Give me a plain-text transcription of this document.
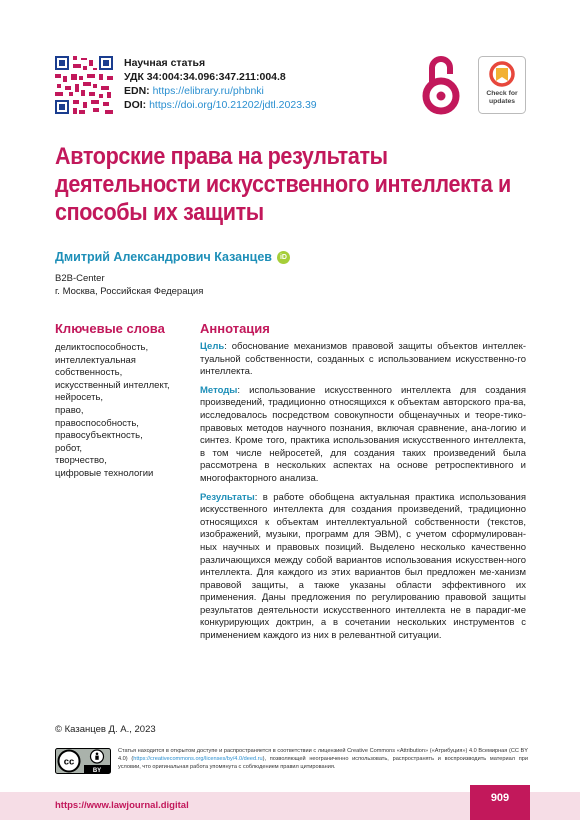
Научная статья
УДК 34:004:34.096:347.211:004.8
EDN: https://elibrary.ru/phbnki
DOI: https://doi.org/10.21202/jdtl.2023.39
Check for
updates
Авторские права на результаты деятельности искусственного интеллекта и способы их защиты
Дмитрий Александрович Казанцев	iD
B2B-Center
г. Москва, Российская Федерация
Ключевые слова
деликтоспособность,
интеллектуальная
собственность,
искусственный интеллект,
нейросеть,
право,
правоспособность,
правосубъектность,
робот,
творчество,
цифровые технологии
Аннотация

Цель: обоснование механизмов правовой защиты объектов интеллек-туальной собственности, созданных с использованием искусственно-го интеллекта.

Методы: использование искусственного интеллекта для создания произведений, традиционно относящихся к объектам авторского пра-ва, исследовалось посредством совокупности общенаучных и теоре-тико-правовых методов научного познания, включая сравнение, ана-логию и синтез. Кроме того, практика использования искусственного интеллекта, в том числе нейросетей, для создания таких произведений была рассмотрена в нескольких аспектах на основе ретроспективного и многофакторного анализа.

Результаты: в работе обобщена актуальная практика использования искусственного интеллекта для создания произведений, традиционно относящихся к объектам интеллектуальной собственности (текстов, изображений, музыки, программ для ЭВМ), с учетом сформулирован-ных научных и правовых позиций. Выделено несколько качественно различающихся между собой вариантов использования искусствен-ного интеллекта. Для каждого из этих вариантов был предложен ме-ханизм правовой защиты, а также указаны области эффективного их применения. Даны предложения по регулированию правовой защиты результатов деятельности искусственного интеллекта не в парадиг-ме конкурирующих доктрин, а в сочетании нескольких инструментов с применением каждого из них в релевантной ситуации.

© Казанцев Д. А., 2023
cc
BY
Статья находится в открытом доступе и распространяется в соответствии с лицензией Creative Commons «Attribution» («Атрибуция») 4.0 Всемирная (CC BY 4.0) (https://creativecommons.org/licenses/by/4.0/deed.ru), позволяющей неограниченно использовать, распространять и воспроизводить материал при условии, что оригинальная работа упомянута с соблюдением правил цитирования.
https://www.lawjournal.digital
909
